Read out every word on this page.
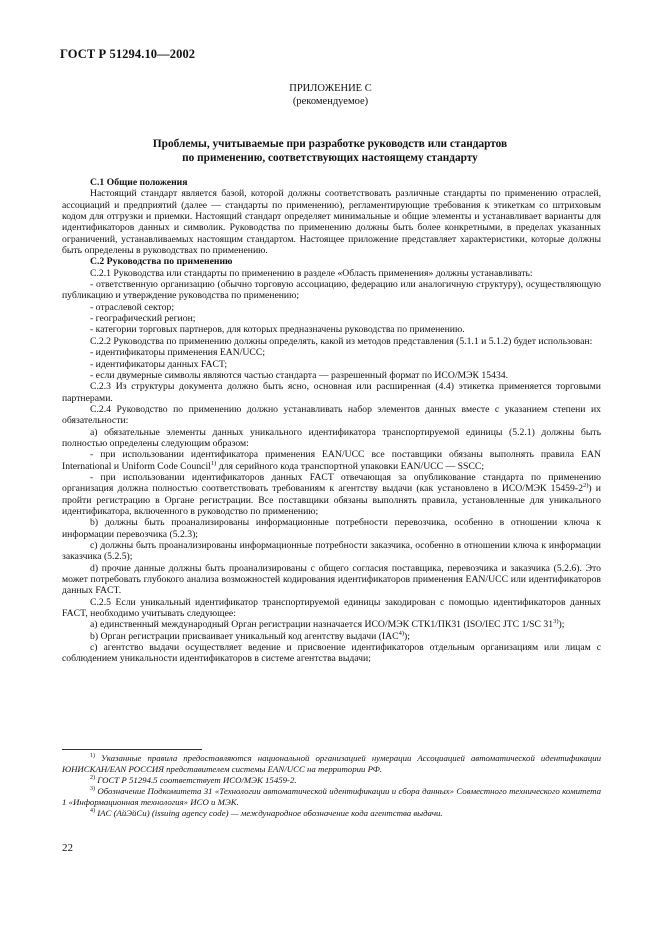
ГОСТ Р 51294.10—2002
ПРИЛОЖЕНИЕ С
(рекомендуемое)
Проблемы, учитываемые при разработке руководств или стандартов
по применению, соответствующих настоящему стандарту

С.1 Общие положения

Настоящий стандарт является базой, которой должны соответствовать различные стандарты по применению отраслей, ассоциаций и предприятий (далее — стандарты по применению), регламентирующие требования к этикеткам со штриховым кодом для отгрузки и приемки. Настоящий стандарт определяет минимальные и общие элементы и устанавливает варианты для идентификаторов данных и символик. Руководства по применению должны быть более конкретными, в пределах указанных ограничений, устанавливаемых настоящим стандартом. Настоящее приложение представляет характеристики, которые должны быть определены в руководствах по применению.

С.2 Руководства по применению

С.2.1 Руководства или стандарты по применению в разделе «Область применения» должны устанавливать:

- ответственную организацию (обычно торговую ассоциацию, федерацию или аналогичную структуру), осуществляющую публикацию и утверждение руководства по применению;

- отраслевой сектор;

- географический регион;

- категории торговых партнеров, для которых предназначены руководства по применению.

С.2.2 Руководства по применению должны определять, какой из методов представления (5.1.1 и 5.1.2) будет использован:

- идентификаторы применения EAN/UCC;

- идентификаторы данных FACT;

- если двумерные символы являются частью стандарта — разрешенный формат по ИСО/МЭК 15434.

С.2.3 Из структуры документа должно быть ясно, основная или расширенная (4.4) этикетка применяется торговыми партнерами.

С.2.4 Руководство по применению должно устанавливать набор элементов данных вместе с указанием степени их обязательности:

а) обязательные элементы данных уникального идентификатора транспортируемой единицы (5.2.1) должны быть полностью определены следующим образом:

- при использовании идентификатора применения EAN/UCC все поставщики обязаны выполнять правила EAN International и Uniform Code Council$^{1)}$ для серийного кода транспортной упаковки EAN/UCC — SSCC;

- при использовании идентификаторов данных FACT отвечающая за опубликование стандарта по применению организация должна полностью соответствовать требованиям к агентству выдачи (как установлено в ИСО/МЭК 15459-2$^{2)}$) и пройти регистрацию в Органе регистрации. Все поставщики обязаны выполнять правила, установленные для уникального идентификатора, включенного в руководство по применению;

b) должны быть проанализированы информационные потребности перевозчика, особенно в отношении ключа к информации перевозчика (5.2.3);

c) должны быть проанализированы информационные потребности заказчика, особенно в отношении ключа к информации заказчика (5.2.5);

d) прочие данные должны быть проанализированы с общего согласия поставщика, перевозчика и заказчика (5.2.6). Это может потребовать глубокого анализа возможностей кодирования идентификаторов применения EAN/UCC или идентификаторов данных FACT.

С.2.5 Если уникальный идентификатор транспортируемой единицы закодирован с помощью идентификаторов данных FACT, необходимо учитывать следующее:

а) единственный международный Орган регистрации назначается ИСО/МЭК СТК1/ПК31 (ISO/IEC JTC 1/SC 31$^{3)}$);

b) Орган регистрации присваивает уникальный код агентству выдачи (IAC$^{4)}$);

c) агентство выдачи осуществляет ведение и присвоение идентификаторов отдельным организациям или лицам с соблюдением уникальности идентификаторов в системе агентства выдачи;

$^{1)}$ Указанные правила предоставляются национальной организацией нумерации Ассоциацией автоматической идентификации ЮНИСКАН/EAN РОССИЯ представителем системы EAN/UCC на территории РФ.

$^{2)}$ ГОСТ Р 51294.5 соответствует ИСО/МЭК 15459-2.

$^{3)}$ Обозначение Подкомитета 31 «Технологии автоматической идентификации и сбора данных» Совместного технического комитета 1 «Информационная технология» ИСО и МЭК.

$^{4)}$ IAC (АйЭйСи) (issuing agency code) — международное обозначение кода агентства выдачи.

22
